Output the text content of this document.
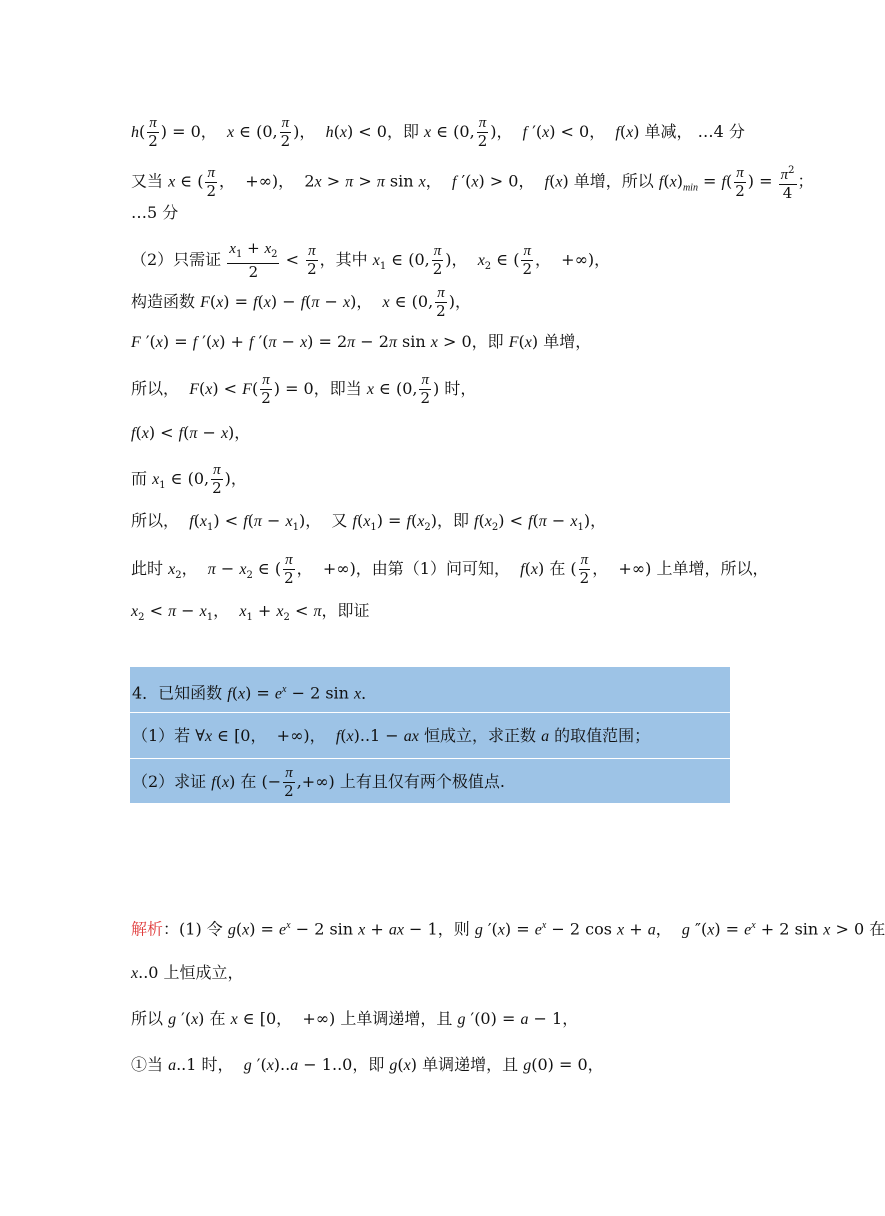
$h( \frac{\pi}{2}$ ) = 0，  x ∈ (0, $\frac{\pi}{2}$ )，  h(x) < 0，即 x ∈ (0, $\frac{\pi}{2}$ )，  f ′(x) < 0，  f(x) 单减， …4 分
又当 x ∈ ( $\frac{\pi}{2}$ ，  +∞)，  2x > π > π sin x，  f ′(x) > 0，  f(x) 单增，所以 $f(x)_{min} = f( \frac{\pi}{2}$ ) = $\frac{\pi^2}{4}$ ；
…5 分
（2）只需证 $\frac{x_1 + x_2}{2} < \frac{\pi}{2}$ ，其中 $x_1$ ∈ (0, $\frac{\pi}{2}$ )，  $x_2$ ∈ ( $\frac{\pi}{2}$ ，  +∞)，
构造函数 F(x) = f(x) − f(π − x)，  x ∈ (0, $\frac{\pi}{2}$ )，
F ′(x) = f ′(x) + f ′(π − x) = 2π − 2π sin x > 0，即 F(x) 单增，
所以，  $F(x) < F( \frac{\pi}{2}$ ) = 0，即当 x ∈ (0, $\frac{\pi}{2}$ ) 时，
f(x) < f(π − x)，
而 $x_1$ ∈ (0, $\frac{\pi}{2}$ )，
所以，  $f(x_1) < f(\pi - x_1)$，  又 $f(x_1) = f(x_2)$，即 $f(x_2) < f(\pi - x_1)$，
此时 $x_2$，  $\pi - x_2$ ∈ ( $\frac{\pi}{2}$ ，  +∞)，由第（1）问可知，  f(x) 在 ( $\frac{\pi}{2}$ ，  +∞) 上单增，所以，
$x_2 < \pi - x_1$，  $x_1 + x_2 < \pi$，即证
4．已知函数 $f(x) = e^x - 2$ sin x．
（1）若 ∀x ∈ [0，  +∞)，  f(x)..1 − ax 恒成立，求正数 a 的取值范围；
（2）求证 f(x) 在 (− $\frac{\pi}{2}$ ,+∞) 上有且仅有两个极值点.
解析：(1) 令 $g(x) = e^x - 2$ sin x + ax − 1，则 g $'(x) = e^x - 2$ cos x + a，  g $''(x) = e^x + 2$ sin x > 0 在
x..0 上恒成立，
所以 g ′(x) 在 x ∈ [0，  +∞) 上单调递增，且 g ′(0) = a − 1，
①当 a..1 时，  g ′(x)..a − 1..0，即 g(x) 单调递增，且 g(0) = 0，
